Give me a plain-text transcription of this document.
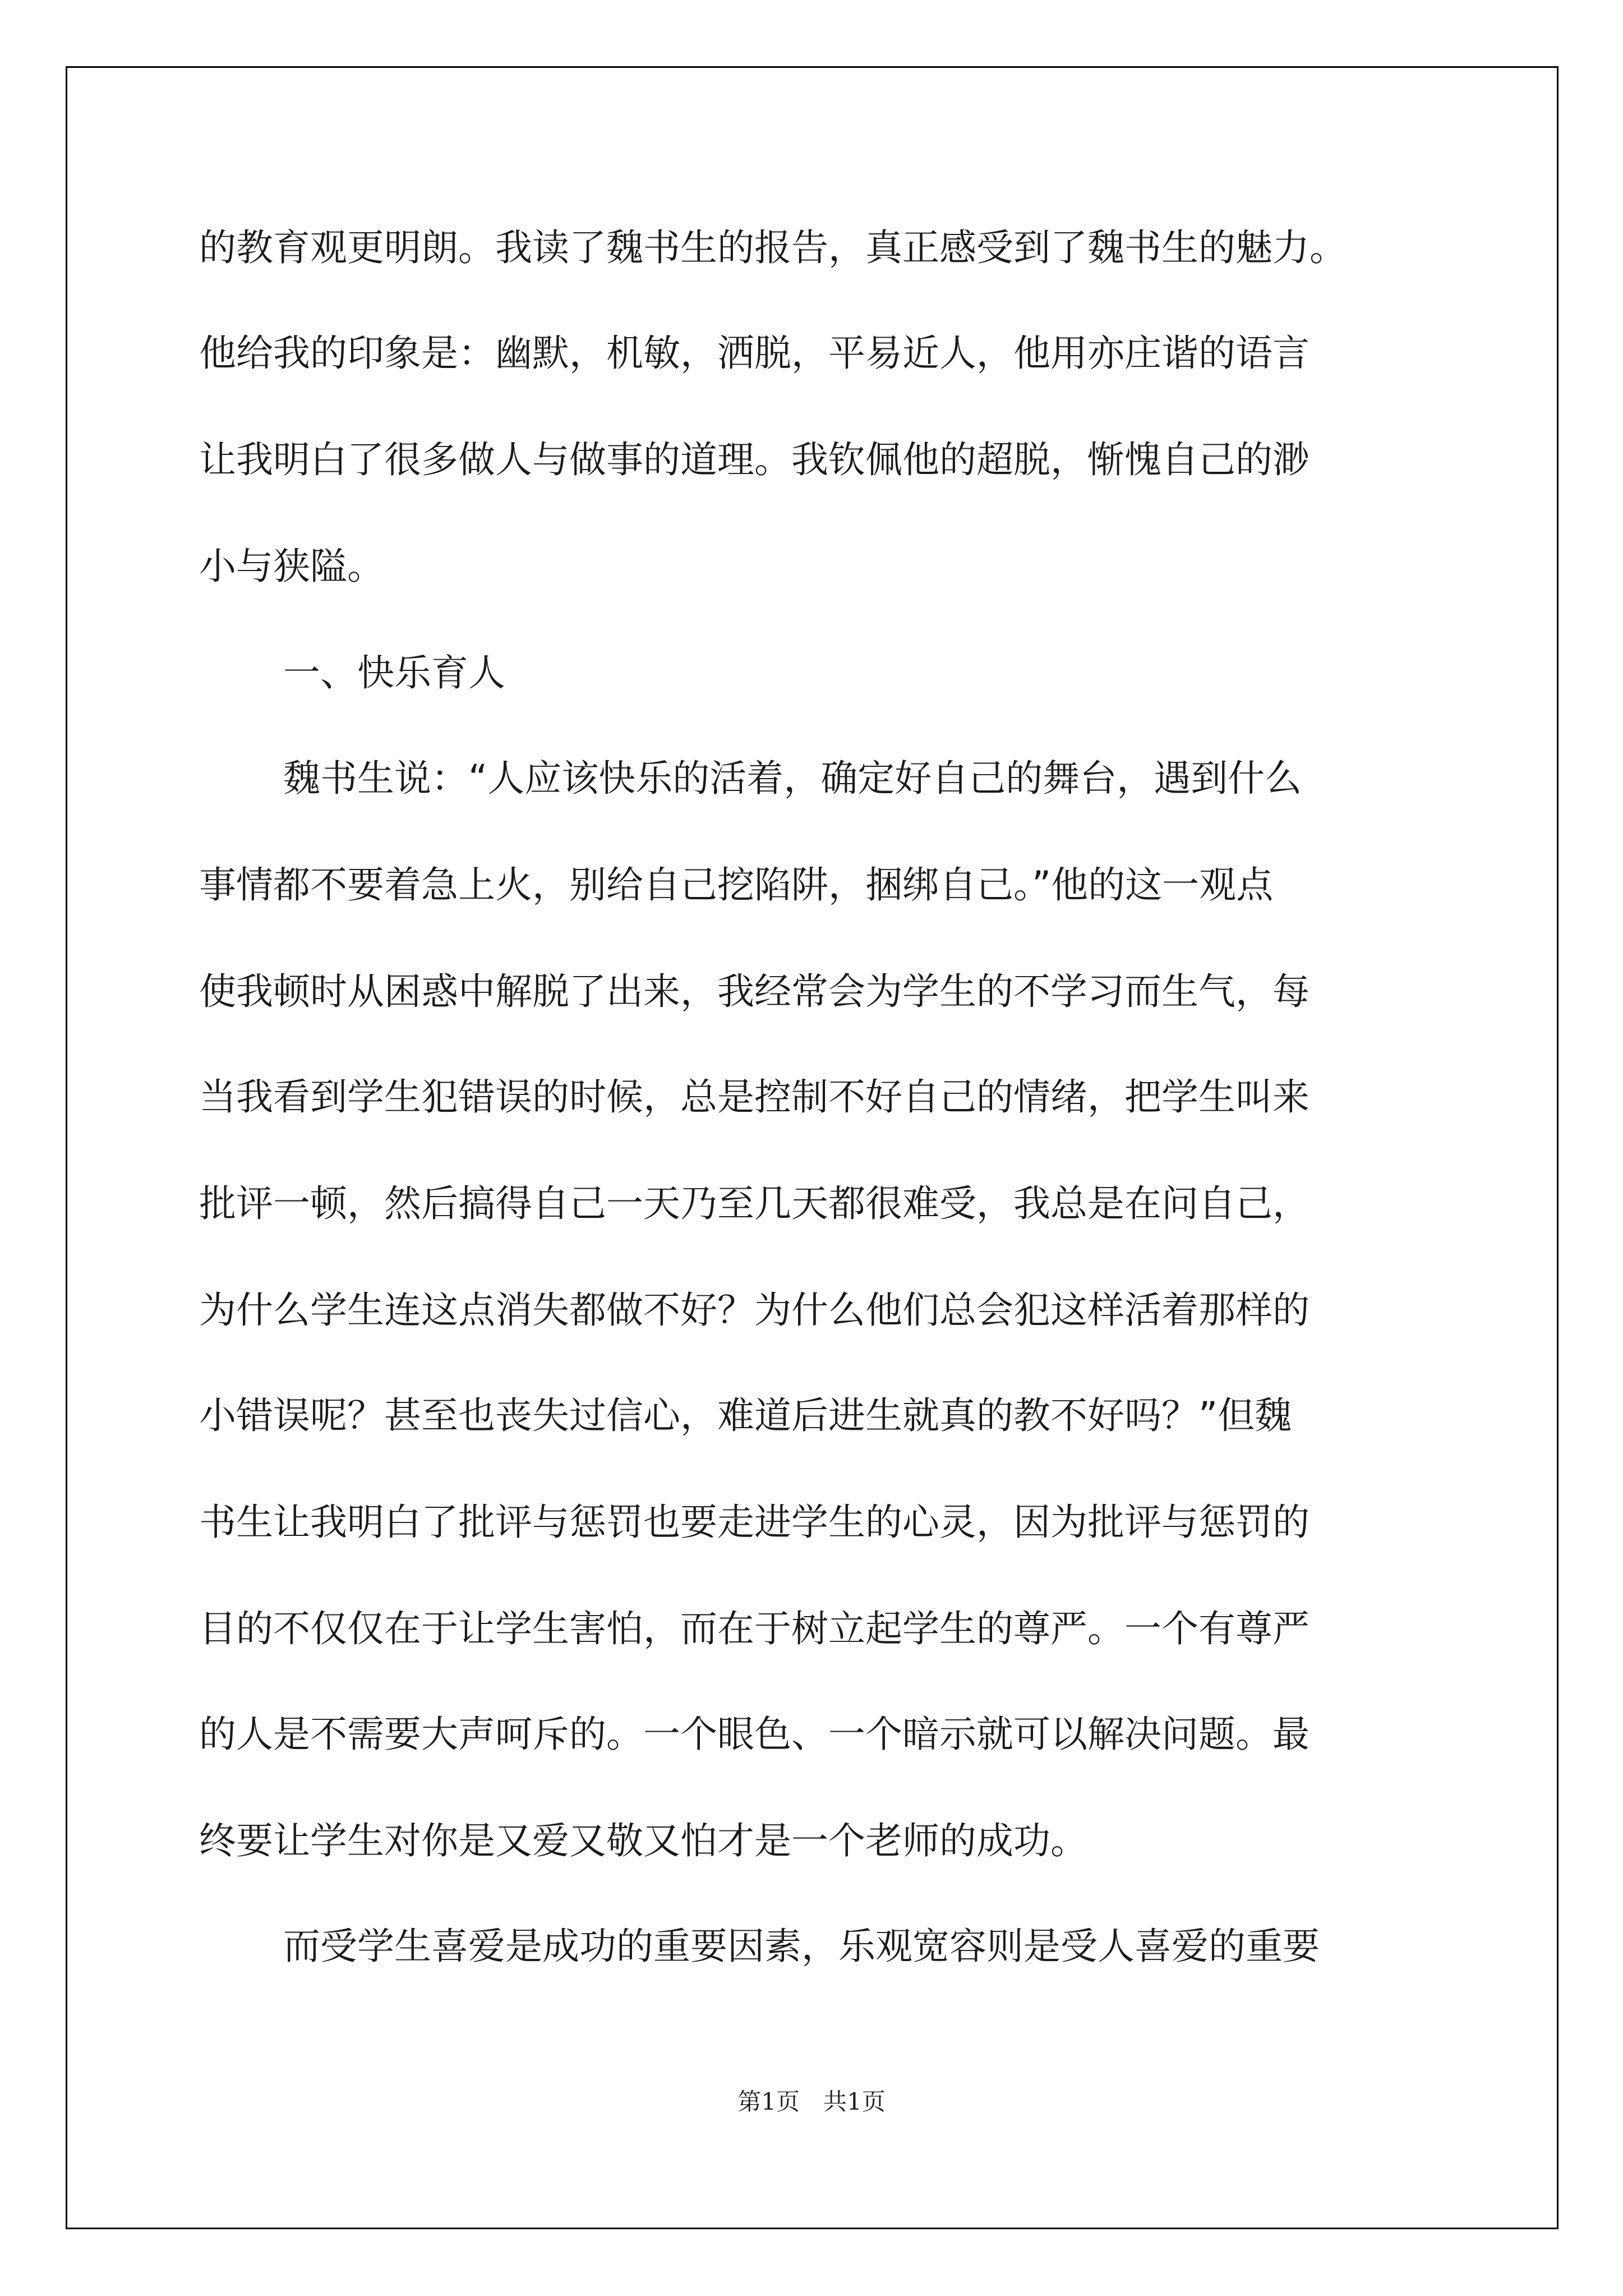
的教育观更明朗。我读了魏书生的报告，真正感受到了魏书生的魅力。
他给我的印象是：幽默，机敏，洒脱，平易近人，他用亦庄谐的语言
让我明白了很多做人与做事的道理。我钦佩他的超脱，惭愧自己的渺
小与狭隘。
一、快乐育人
魏书生说：“人应该快乐的活着，确定好自己的舞台，遇到什么
事情都不要着急上火，别给自己挖陷阱，捆绑自己。”他的这一观点
使我顿时从困惑中解脱了出来，我经常会为学生的不学习而生气，每
当我看到学生犯错误的时候，总是控制不好自己的情绪，把学生叫来
批评一顿，然后搞得自己一天乃至几天都很难受，我总是在问自己，
为什么学生连这点消失都做不好？为什么他们总会犯这样活着那样的
小错误呢？甚至也丧失过信心，难道后进生就真的教不好吗？”但魏
书生让我明白了批评与惩罚也要走进学生的心灵，因为批评与惩罚的
目的不仅仅在于让学生害怕，而在于树立起学生的尊严。一个有尊严
的人是不需要大声呵斥的。一个眼色、一个暗示就可以解决问题。最
终要让学生对你是又爱又敬又怕才是一个老师的成功。
而受学生喜爱是成功的重要因素，乐观宽容则是受人喜爱的重要
第1页　共1页
